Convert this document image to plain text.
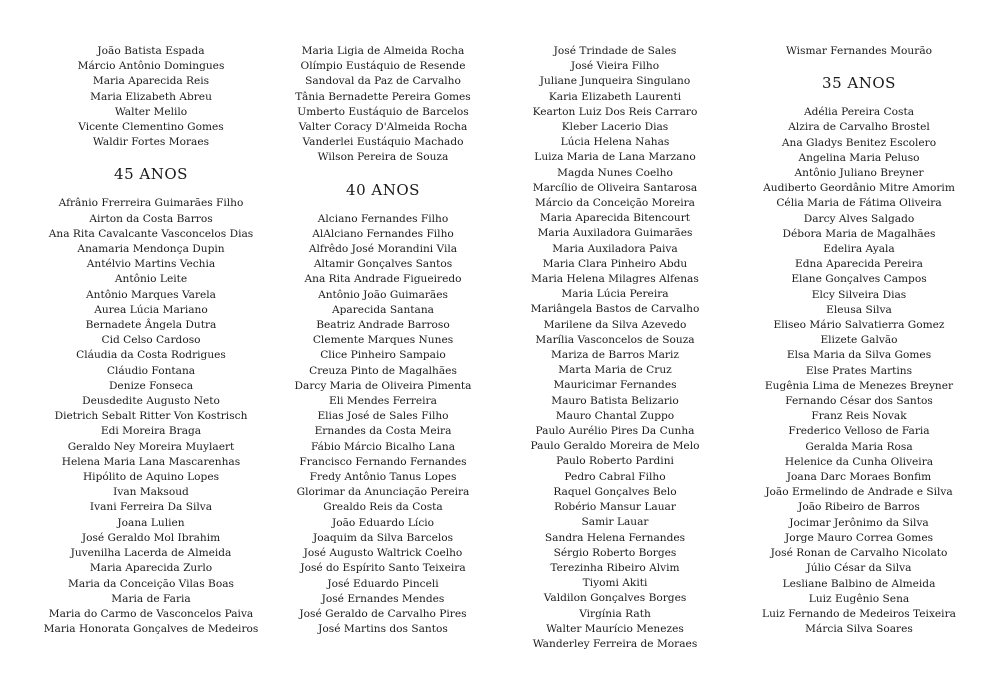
João Batista Espada
Márcio Antônio Domingues
Maria Aparecida Reis
Maria Elizabeth Abreu
Walter Melilo
Vicente Clementino Gomes
Waldir Fortes Moraes
45 ANOS
Afrânio Frerreira Guimarães Filho
Airton da Costa Barros
Ana Rita Cavalcante Vasconcelos Dias
Anamaria Mendonça Dupin
Antélvio Martins Vechia
Antônio Leite
Antônio Marques Varela
Aurea Lúcia Mariano
Bernadete Ângela Dutra
Cid Celso Cardoso
Cláudia da Costa Rodrigues
Cláudio Fontana
Denize Fonseca
Deusdedite Augusto Neto
Dietrich Sebalt Ritter Von Kostrisch
Edi Moreira Braga
Geraldo Ney Moreira Muylaert
Helena Maria Lana Mascarenhas
Hipólito de Aquino Lopes
Ivan Maksoud
Ivani Ferreira Da Silva
Joana Lulien
José Geraldo Mol Ibrahim
Juvenilha Lacerda de Almeida
Maria Aparecida Zurlo
Maria da Conceição Vilas Boas
Maria de Faria
Maria do Carmo de Vasconcelos Paiva
Maria Honorata Gonçalves de Medeiros
Maria Ligia de Almeida Rocha
Olímpio Eustáquio de Resende
Sandoval da Paz de Carvalho
Tânia Bernadette Pereira Gomes
Umberto Eustáquio de Barcelos
Valter Coracy D'Almeida Rocha
Vanderlei Eustáquio Machado
Wilson Pereira de Souza
40 ANOS
Alciano Fernandes Filho
AlAlciano Fernandes Filho
Alfrêdo José Morandini Vila
Altamir Gonçalves Santos
Ana Rita Andrade Figueiredo
Antônio João Guimarães
Aparecida Santana
Beatriz Andrade Barroso
Clemente Marques Nunes
Clice Pinheiro Sampaio
Creuza Pinto de Magalhães
Darcy Maria de Oliveira Pimenta
Eli Mendes Ferreira
Elias José de Sales Filho
Ernandes da Costa Meira
Fábio Márcio Bicalho Lana
Francisco Fernando Fernandes
Fredy Antônio Tanus Lopes
Glorimar da Anunciação Pereira
Grealdo Reis da Costa
João Eduardo Lício
Joaquim da Silva Barcelos
José Augusto Waltrick Coelho
José do Espírito Santo Teixeira
José Eduardo Pinceli
José Ernandes Mendes
José Geraldo de Carvalho Pires
José Martins dos Santos
José Trindade de Sales
José Vieira Filho
Juliane Junqueira Singulano
Karia Elizabeth Laurenti
Kearton Luiz Dos Reis Carraro
Kleber Lacerio Dias
Lúcia Helena Nahas
Luiza Maria de Lana Marzano
Magda Nunes Coelho
Marcílio de Oliveira Santarosa
Márcio da Conceição Moreira
Maria Aparecida Bitencourt
Maria Auxiladora Guimarães
Maria Auxiladora Paiva
Maria Clara Pinheiro Abdu
Maria Helena Milagres Alfenas
Maria Lúcia Pereira
Mariângela Bastos de Carvalho
Marilene da Silva Azevedo
Marília Vasconcelos de Souza
Mariza de Barros Mariz
Marta Maria de Cruz
Mauricimar Fernandes
Mauro Batista Belizario
Mauro Chantal Zuppo
Paulo Aurélio Pires Da Cunha
Paulo Geraldo Moreira de Melo
Paulo Roberto Pardini
Pedro Cabral Filho
Raquel Gonçalves Belo
Robério Mansur Lauar
Samir Lauar
Sandra Helena Fernandes
Sérgio Roberto Borges
Terezinha Ribeiro Alvim
Tiyomi Akiti
Valdilon Gonçalves Borges
Virgínia Rath
Walter Maurício Menezes
Wanderley Ferreira de Moraes
Wismar Fernandes Mourão
35 ANOS
Adélia Pereira Costa
Alzira de Carvalho Brostel
Ana Gladys Benitez Escolero
Angelina Maria Peluso
Antônio Juliano Breyner
Audiberto Geordânio Mitre Amorim
Célia Maria de Fátima Oliveira
Darcy Alves Salgado
Débora Maria de Magalhães
Edelira Ayala
Edna Aparecida Pereira
Elane Gonçalves Campos
Elcy Silveira Dias
Eleusa Silva
Eliseo Mário Salvatierra Gomez
Elizete Galvão
Elsa Maria da Silva Gomes
Else Prates Martins
Eugênia Lima de Menezes Breyner
Fernando César dos Santos
Franz Reis Novak
Frederico Velloso de Faria
Geralda Maria Rosa
Helenice da Cunha Oliveira
Joana Darc Moraes Bonfim
João Ermelindo de Andrade e Silva
João Ribeiro de Barros
Jocimar Jerônimo da Silva
Jorge Mauro Correa Gomes
José Ronan de Carvalho Nicolato
Júlio César da Silva
Lesliane Balbino de Almeida
Luiz Eugênio Sena
Luiz Fernando de Medeiros Teixeira
Márcia Silva Soares
